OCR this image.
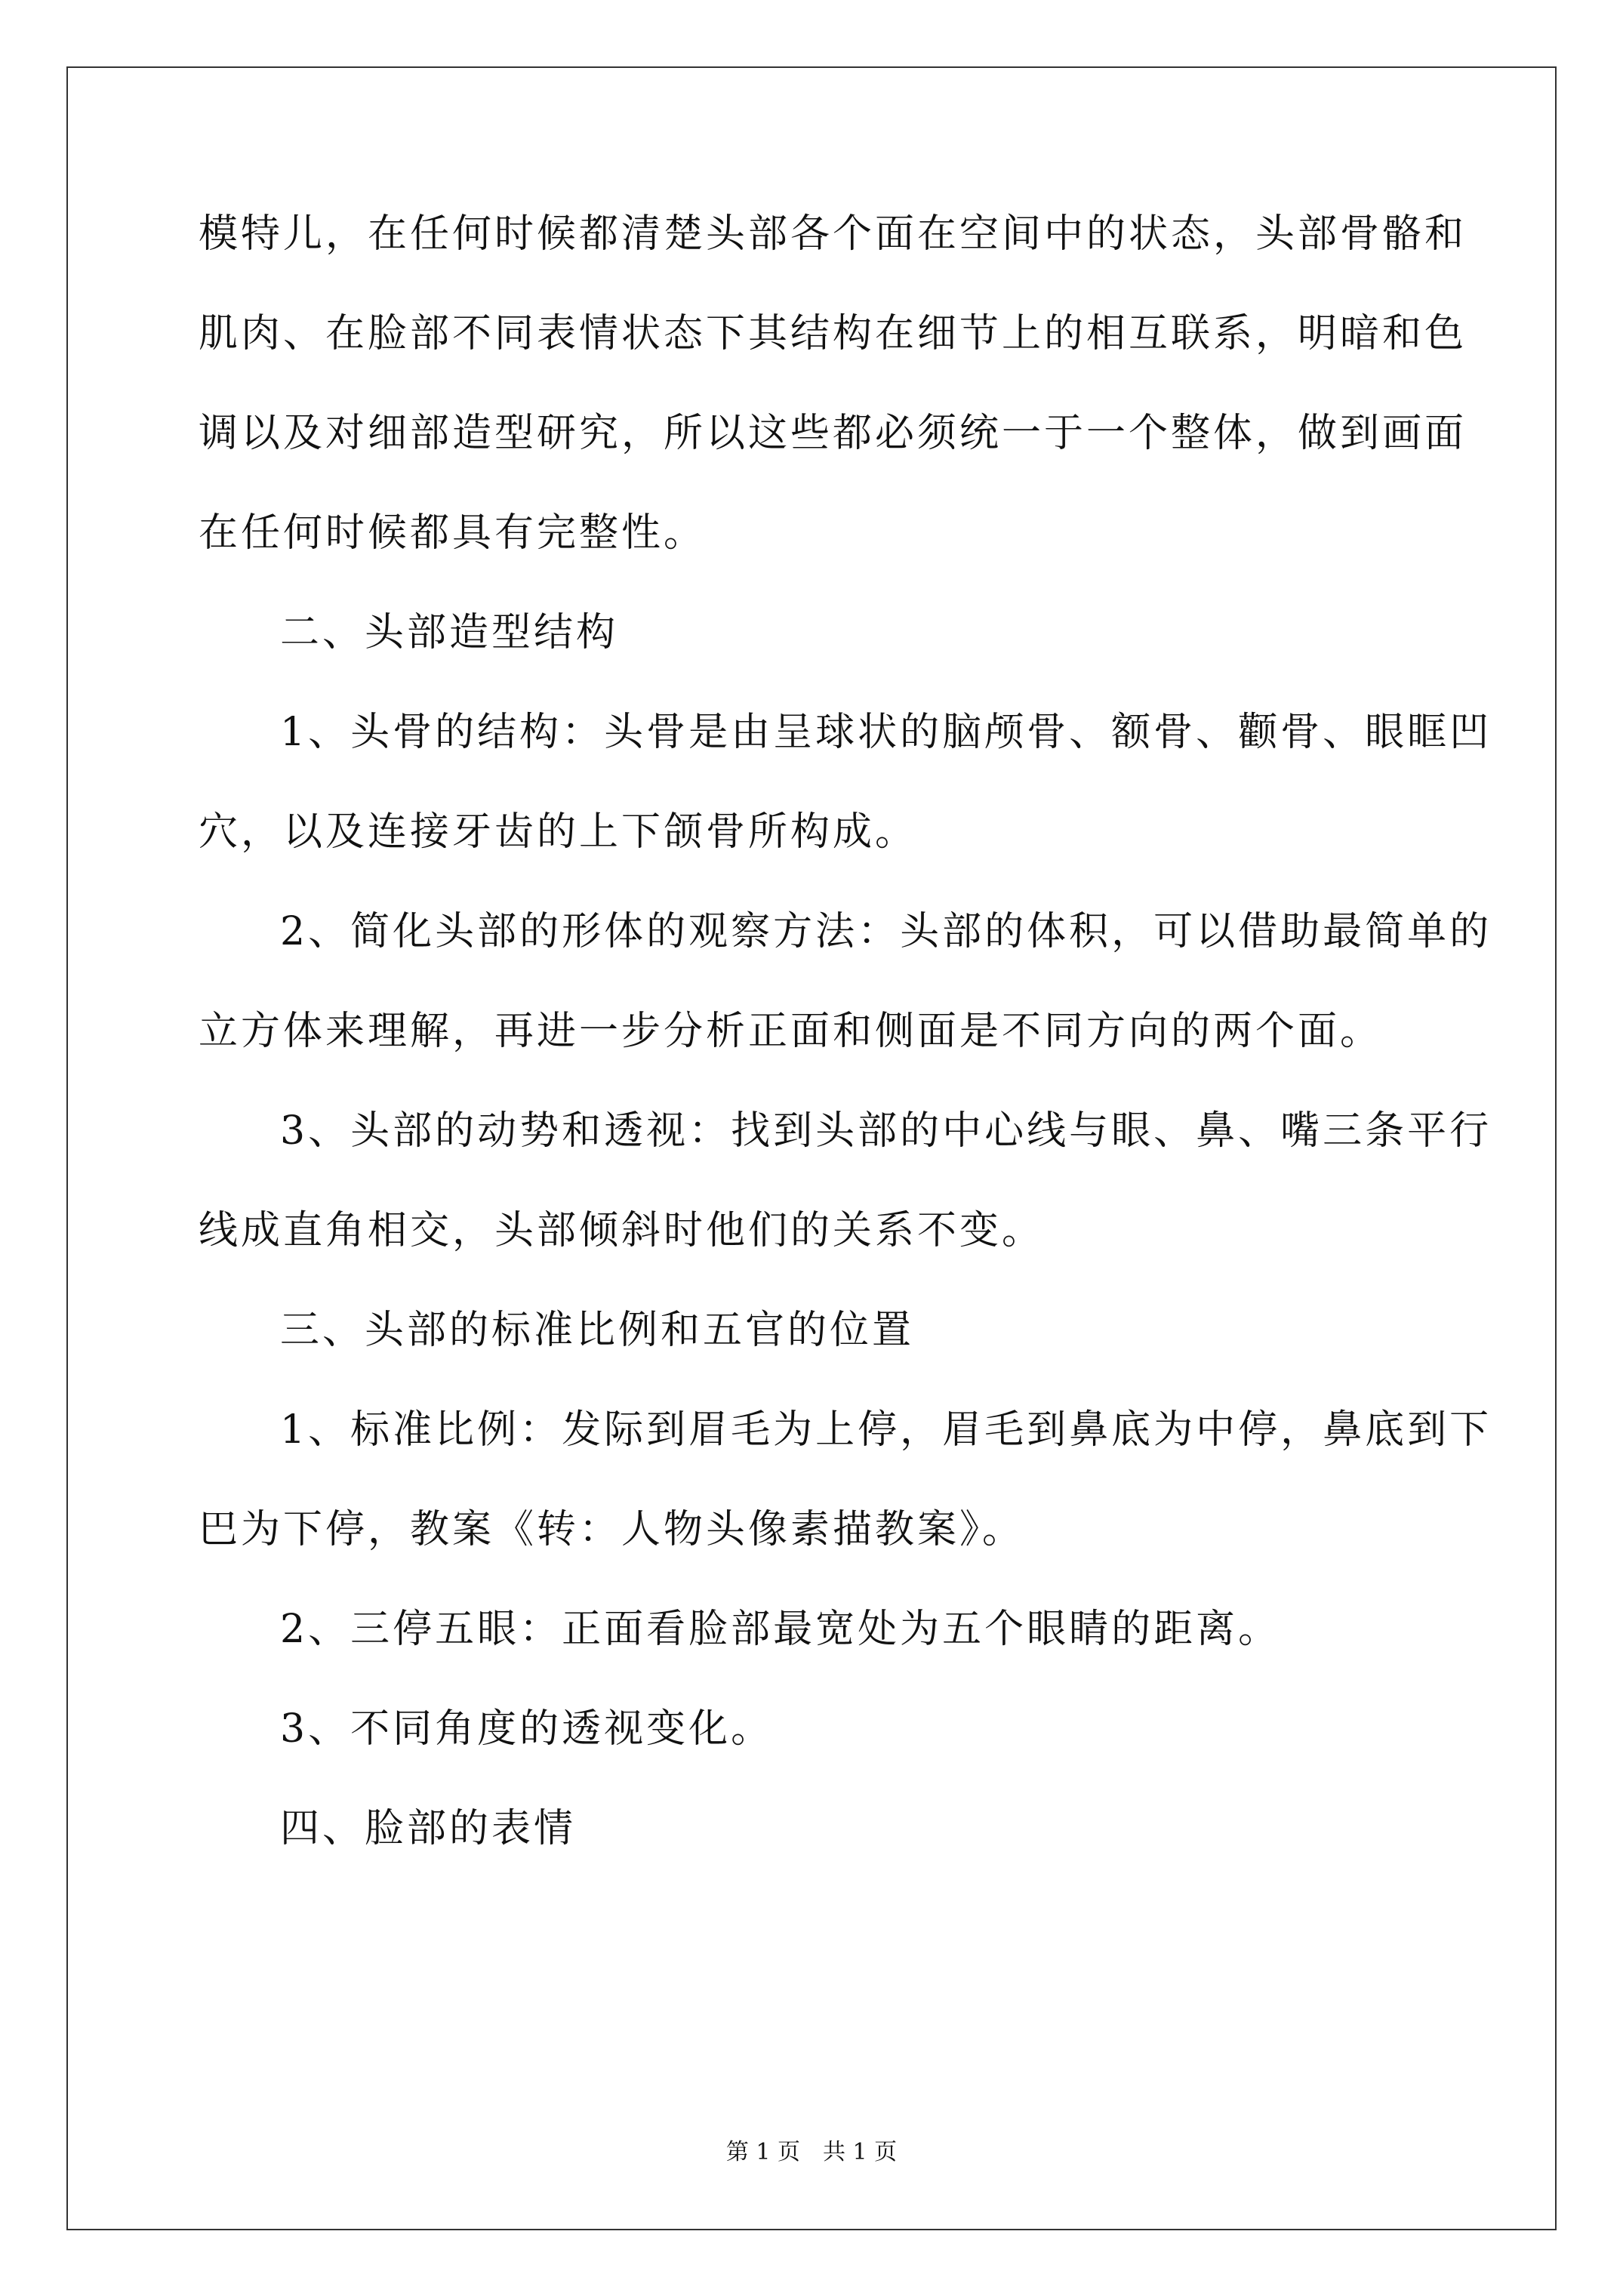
模特儿，在任何时候都清楚头部各个面在空间中的状态，头部骨骼和
肌肉、在脸部不同表情状态下其结构在细节上的相互联系，明暗和色
调以及对细部造型研究，所以这些都必须统一于一个整体，做到画面
在任何时候都具有完整性。
二、头部造型结构
1、头骨的结构：头骨是由呈球状的脑颅骨、额骨、颧骨、眼眶凹
穴，以及连接牙齿的上下颌骨所构成。
2、简化头部的形体的观察方法：头部的体积，可以借助最简单的
立方体来理解，再进一步分析正面和侧面是不同方向的两个面。
3、头部的动势和透视：找到头部的中心线与眼、鼻、嘴三条平行
线成直角相交，头部倾斜时他们的关系不变。
三、头部的标准比例和五官的位置
1、标准比例：发际到眉毛为上停，眉毛到鼻底为中停，鼻底到下
巴为下停，教案《转：人物头像素描教案》。
2、三停五眼：正面看脸部最宽处为五个眼睛的距离。
3、不同角度的透视变化。
四、脸部的表情
第 1 页　共 1 页
